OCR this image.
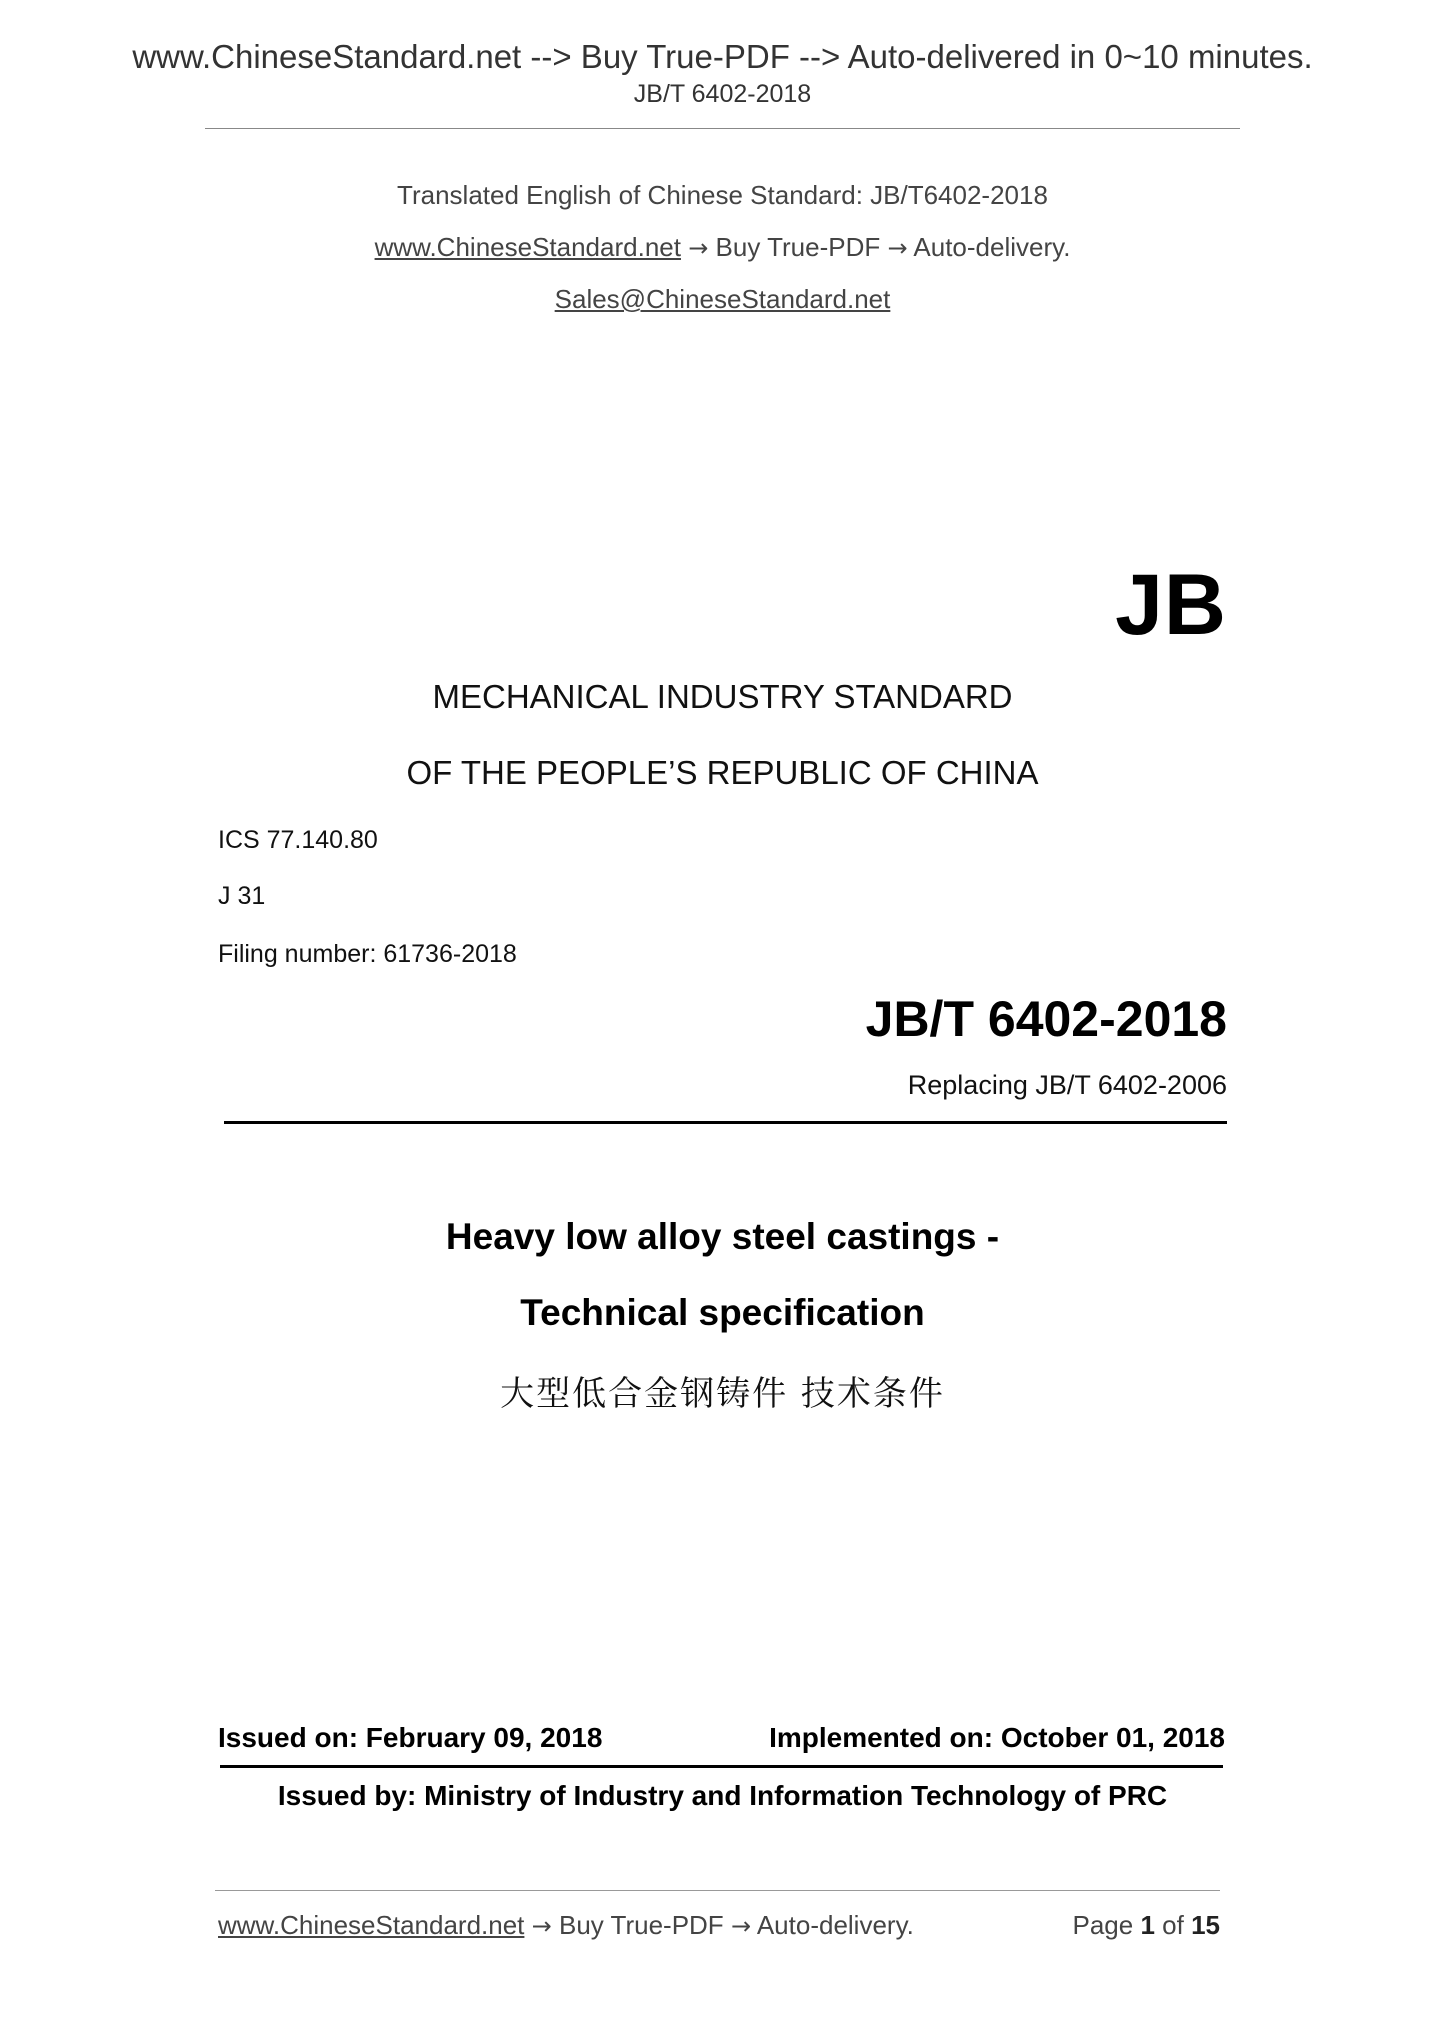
www.ChineseStandard.net --> Buy True-PDF --> Auto-delivered in 0~10 minutes.
JB/T 6402-2018
Translated English of Chinese Standard: JB/T6402-2018
www.ChineseStandard.net → Buy True-PDF → Auto-delivery.
Sales@ChineseStandard.net
JB
MECHANICAL INDUSTRY STANDARD
OF THE PEOPLE’S REPUBLIC OF CHINA
ICS 77.140.80
J 31
Filing number: 61736-2018
JB/T 6402-2018
Replacing JB/T 6402-2006
Heavy low alloy steel castings -
Technical specification
大型低合金钢铸件 技术条件
Issued on: February 09, 2018	Implemented on: October 01, 2018
Issued by: Ministry of Industry and Information Technology of PRC
www.ChineseStandard.net → Buy True-PDF → Auto-delivery.	Page 1 of 15
